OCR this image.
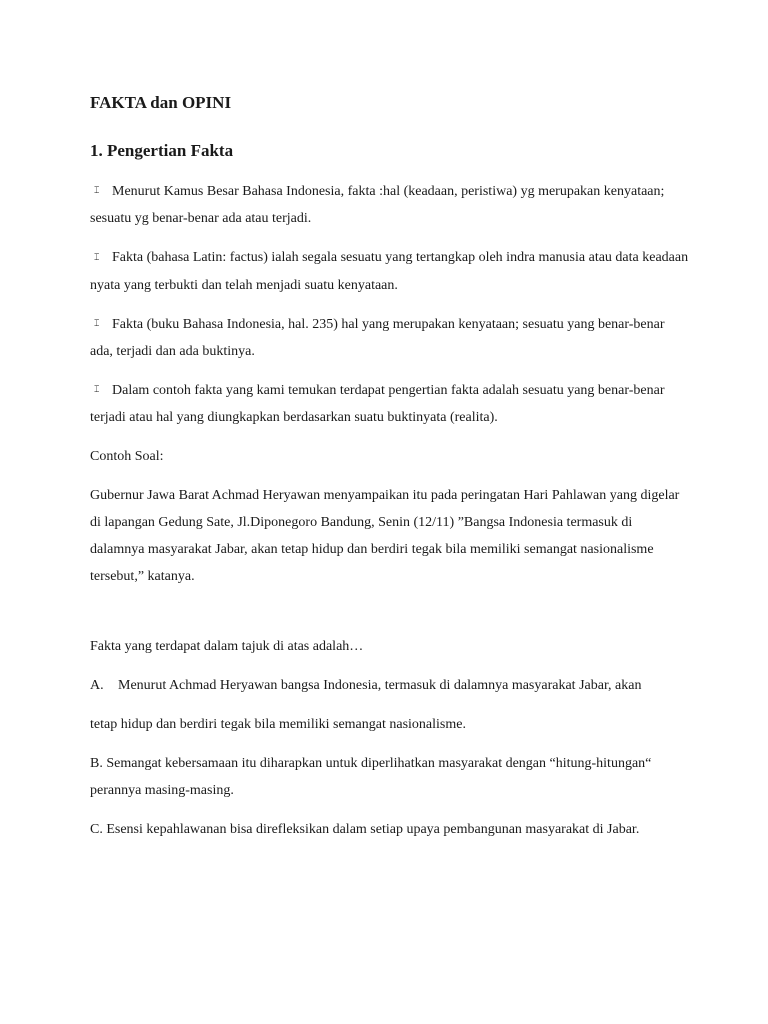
FAKTA dan OPINI
1. Pengertian Fakta
⌶ Menurut Kamus Besar Bahasa Indonesia, fakta :hal (keadaan, peristiwa) yg merupakan kenyataan; sesuatu yg benar-benar ada atau terjadi.
⌶ Fakta (bahasa Latin: factus) ialah segala sesuatu yang tertangkap oleh indra manusia atau data keadaan nyata yang terbukti dan telah menjadi suatu kenyataan.
⌶ Fakta (buku Bahasa Indonesia, hal. 235) hal yang merupakan kenyataan; sesuatu yang benar-benar ada, terjadi dan ada buktinya.
⌶ Dalam contoh fakta yang kami temukan terdapat pengertian fakta adalah sesuatu yang benar-benar terjadi atau hal yang diungkapkan berdasarkan suatu buktinyata (realita).

Contoh Soal:

Gubernur Jawa Barat Achmad Heryawan menyampaikan itu pada peringatan Hari Pahlawan yang digelar di lapangan Gedung Sate, Jl.Diponegoro Bandung, Senin (12/11) ”Bangsa Indonesia termasuk di dalamnya masyarakat Jabar, akan tetap hidup dan berdiri tegak bila memiliki semangat nasionalisme tersebut,” katanya.

Fakta yang terdapat dalam tajuk di atas adalah…

A. Menurut Achmad Heryawan bangsa Indonesia, termasuk di dalamnya masyarakat Jabar, akan

tetap hidup dan berdiri tegak bila memiliki semangat nasionalisme.

B. Semangat kebersamaan itu diharapkan untuk diperlihatkan masyarakat dengan “hitung-hitungan“ perannya masing-masing.

C. Esensi kepahlawanan bisa direfleksikan dalam setiap upaya pembangunan masyarakat di Jabar.
